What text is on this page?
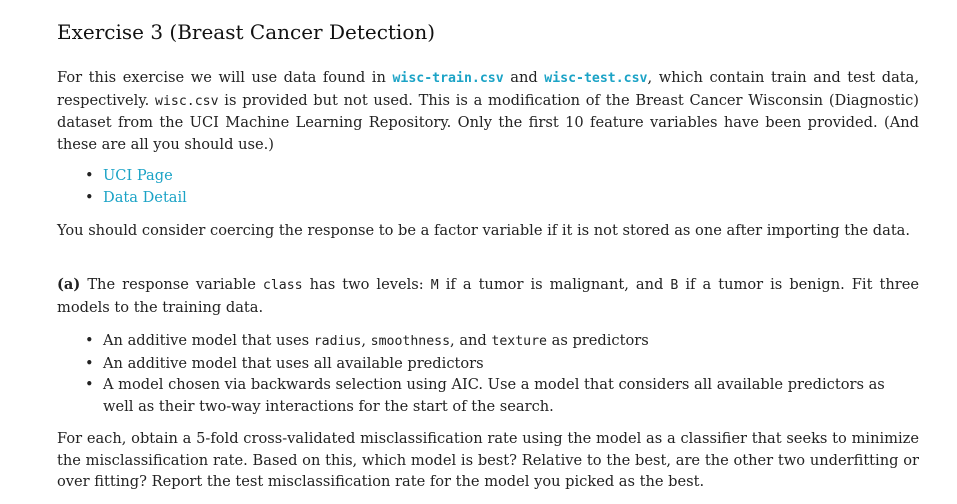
Exercise 3 (Breast Cancer Detection)

For this exercise we will use data found in wisc-train.csv and wisc-test.csv, which contain train and test data, respectively. wisc.csv is provided but not used. This is a modification of the Breast Cancer Wisconsin (Diagnostic) dataset from the UCI Machine Learning Repository. Only the first 10 feature variables have been provided. (And these are all you should use.)

• UCI Page
• Data Detail

You should consider coercing the response to be a factor variable if it is not stored as one after importing the data.

(a) The response variable class has two levels: M if a tumor is malignant, and B if a tumor is benign. Fit three models to the training data.

• An additive model that uses radius, smoothness, and texture as predictors
• An additive model that uses all available predictors
• A model chosen via backwards selection using AIC. Use a model that considers all available predictors as well as their two-way interactions for the start of the search.

For each, obtain a 5-fold cross-validated misclassification rate using the model as a classifier that seeks to minimize the misclassification rate. Based on this, which model is best? Relative to the best, are the other two underfitting or over fitting? Report the test misclassification rate for the model you picked as the best.
